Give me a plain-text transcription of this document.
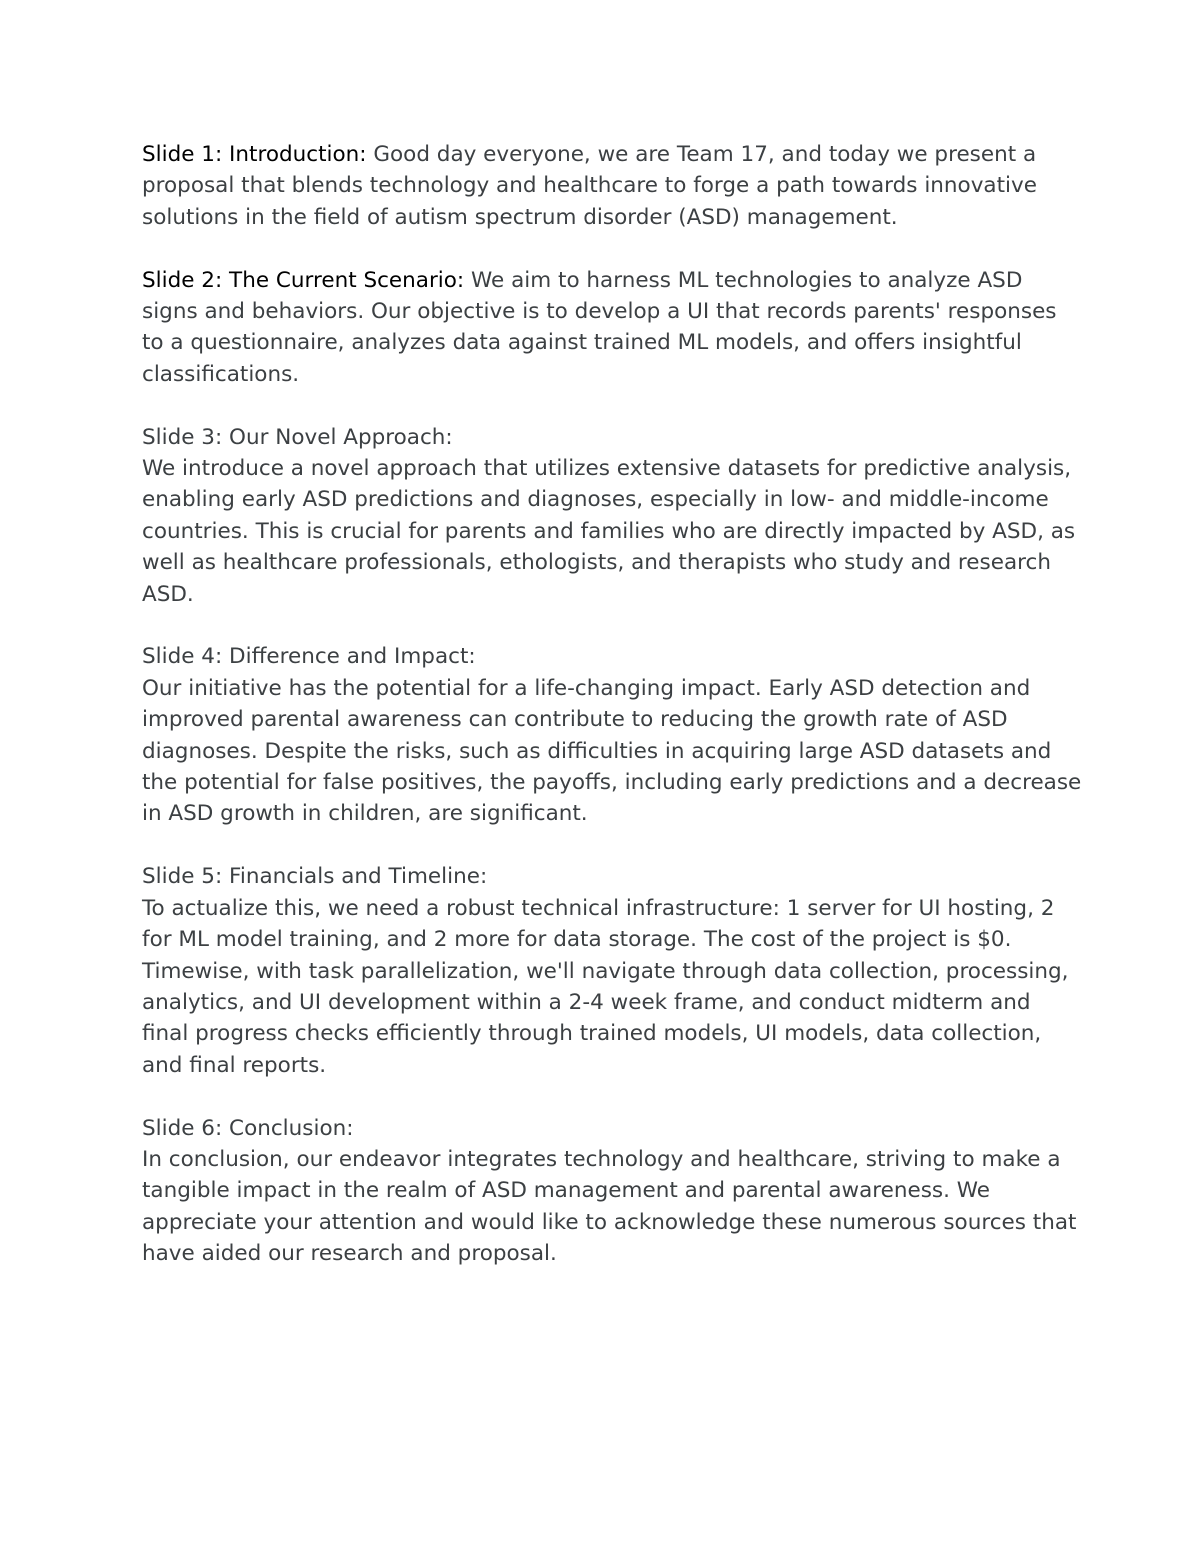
Slide 1: Introduction: Good day everyone, we are Team 17, and today we present a proposal that blends technology and healthcare to forge a path towards innovative solutions in the field of autism spectrum disorder (ASD) management.

Slide 2: The Current Scenario: We aim to harness ML technologies to analyze ASD signs and behaviors. Our objective is to develop a UI that records parents' responses to a questionnaire, analyzes data against trained ML models, and offers insightful classifications.

Slide 3: Our Novel Approach:
We introduce a novel approach that utilizes extensive datasets for predictive analysis, enabling early ASD predictions and diagnoses, especially in low- and middle-income countries. This is crucial for parents and families who are directly impacted by ASD, as well as healthcare professionals, ethologists, and therapists who study and research ASD.
Slide 4: Difference and Impact:
Our initiative has the potential for a life-changing impact. Early ASD detection and improved parental awareness can contribute to reducing the growth rate of ASD diagnoses. Despite the risks, such as difficulties in acquiring large ASD datasets and the potential for false positives, the payoffs, including early predictions and a decrease in ASD growth in children, are significant.
Slide 5: Financials and Timeline:
To actualize this, we need a robust technical infrastructure: 1 server for UI hosting, 2 for ML model training, and 2 more for data storage. The cost of the project is $0. Timewise, with task parallelization, we'll navigate through data collection, processing, analytics, and UI development within a 2-4 week frame, and conduct midterm and final progress checks efficiently through trained models, UI models, data collection, and final reports.
Slide 6: Conclusion:
In conclusion, our endeavor integrates technology and healthcare, striving to make a tangible impact in the realm of ASD management and parental awareness. We appreciate your attention and would like to acknowledge these numerous sources that have aided our research and proposal.
